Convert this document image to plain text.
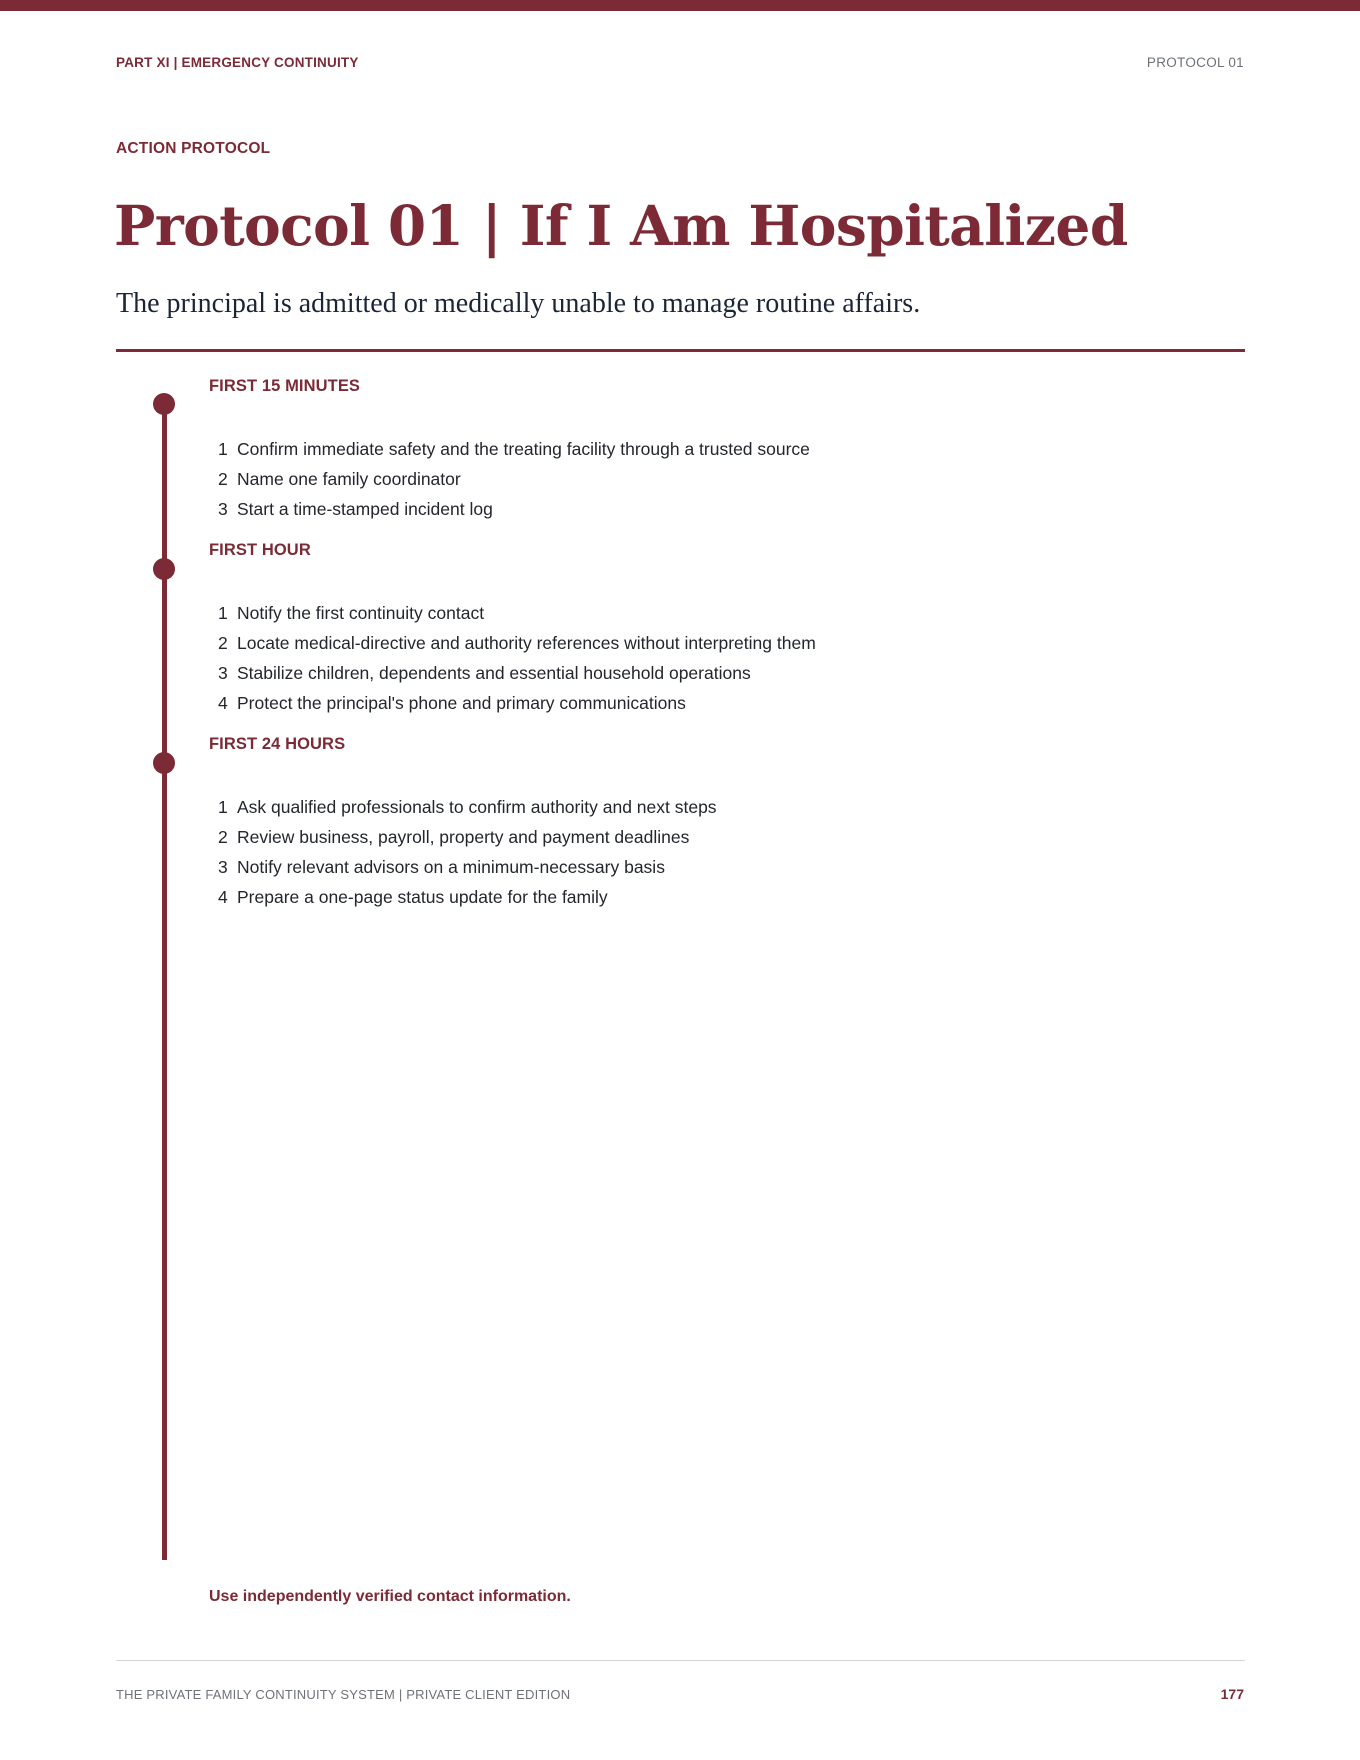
PART XI | EMERGENCY CONTINUITY	PROTOCOL 01
ACTION PROTOCOL
Protocol 01 | If I Am Hospitalized

The principal is admitted or medically unable to manage routine affairs.

FIRST 15 MINUTES
1 Confirm immediate safety and the treating facility through a trusted source
2 Name one family coordinator
3 Start a time-stamped incident log
FIRST HOUR
1 Notify the first continuity contact
2 Locate medical-directive and authority references without interpreting them
3 Stabilize children, dependents and essential household operations
4 Protect the principal's phone and primary communications
FIRST 24 HOURS
1 Ask qualified professionals to confirm authority and next steps
2 Review business, payroll, property and payment deadlines
3 Notify relevant advisors on a minimum-necessary basis
4 Prepare a one-page status update for the family
Use independently verified contact information.
THE PRIVATE FAMILY CONTINUITY SYSTEM | PRIVATE CLIENT EDITION	177
